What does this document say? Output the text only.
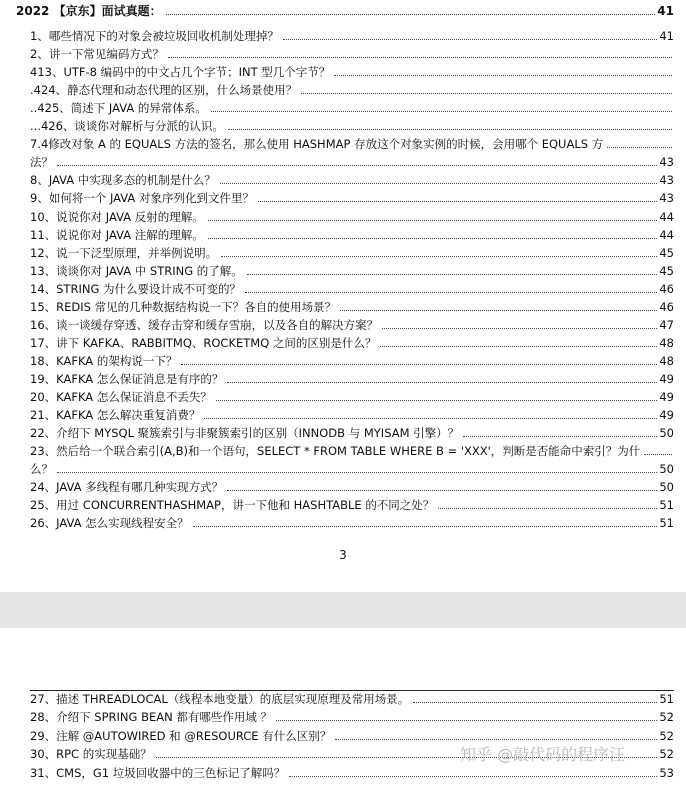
2022 【京东】面试真题：	41
1、哪些情况下的对象会被垃圾回收机制处理掉？	41
2、讲一下常见编码方式？
413、UTF-8 编码中的中文占几个字节；INT 型几个字节？
.424、静态代理和动态代理的区别，什么场景使用？
..425、简述下 JAVA 的异常体系。
...426、谈谈你对解析与分派的认识。
7.4修改对象 A 的 EQUALS 方法的签名，那么使用 HASHMAP 存放这个对象实例的时候，会用哪个 EQUALS 方
法？	43
8、JAVA 中实现多态的机制是什么？	43
9、如何将一个 JAVA 对象序列化到文件里？	43
10、说说你对 JAVA 反射的理解。	44
11、说说你对 JAVA 注解的理解。	44
12、说一下泛型原理，并举例说明。	45
13、谈谈你对 JAVA 中 STRING 的了解。	45
14、STRING 为什么要设计成不可变的？	46
15、REDIS 常见的几种数据结构说一下？各自的使用场景？	46
16、谈一谈缓存穿透、缓存击穿和缓存雪崩，以及各自的解决方案？	47
17、讲下 KAFKA、RABBITMQ、ROCKETMQ 之间的区别是什么？	48
18、KAFKA 的架构说一下？	48
19、KAFKA 怎么保证消息是有序的？	49
20、KAFKA 怎么保证消息不丢失？	49
21、KAFKA 怎么解决重复消费？	49
22、介绍下 MYSQL 聚簇索引与非聚簇索引的区别（INNODB 与 MYISAM 引擎）？	50
23、然后给一个联合索引(A,B)和一个语句，SELECT * FROM TABLE WHERE B = 'XXX'，判断是否能命中索引？为什
么？	50
24、JAVA 多线程有哪几种实现方式？	50
25、用过 CONCURRENTHASHMAP，讲一下他和 HASHTABLE 的不同之处？	51
26、JAVA 怎么实现线程安全？	51
3
27、描述 THREADLOCAL（线程本地变量）的底层实现原理及常用场景。	51
28、介绍下 SPRING BEAN 都有哪些作用域 ？	52
29、注解 @AUTOWIRED 和 @RESOURCE 有什么区别？	52
30、RPC 的实现基础？	52
31、CMS，G1 垃圾回收器中的三色标记了解吗？	53
知乎 @敲代码的程序汪
